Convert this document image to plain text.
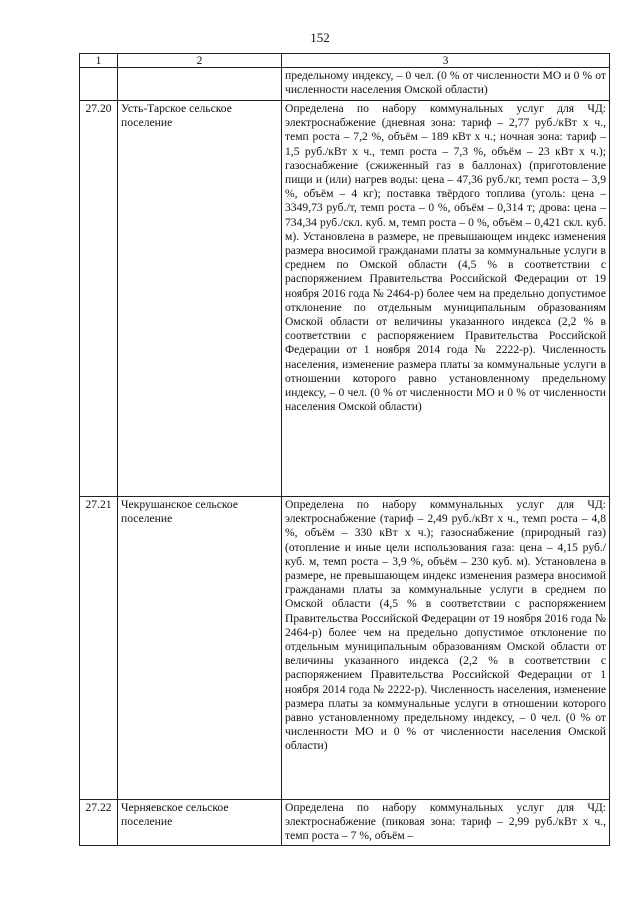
152
1	2	3
		предельному индексу, – 0 чел. (0 % от численности МО и 0 % от численности населения Омской области)
27.20	Усть-Тарское сельское поселение	Определена по набору коммунальных услуг для ЧД: электроснабжение (дневная зона: тариф – 2,77 руб./кВт х ч., темп роста – 7,2 %, объём – 189 кВт х ч.; ночная зона: тариф – 1,5 руб./кВт х ч., темп роста – 7,3 %, объём – 23 кВт х ч.); газоснабжение (сжиженный газ в баллонах) (приготовление пищи и (или) нагрев воды: цена – 47,36 руб./кг, темп роста – 3,9 %, объём – 4 кг); поставка твёрдого топлива (уголь: цена – 3349,73 руб./т, темп роста – 0 %, объём – 0,314 т; дрова: цена – 734,34 руб./скл. куб. м, темп роста – 0 %, объём – 0,421 скл. куб. м). Установлена в размере, не превышающем индекс изменения размера вносимой гражданами платы за коммунальные услуги в среднем по Омской области (4,5 % в соответствии с распоряжением Правительства Российской Федерации от 19 ноября 2016 года № 2464-р) более чем на предельно допустимое отклонение по отдельным муниципальным образованиям Омской области от величины указанного индекса (2,2 % в соответствии с распоряжением Правительства Российской Федерации от 1 ноября 2014 года № 2222-р). Численность населения, изменение размера платы за коммунальные услуги в отношении которого равно установленному предельному индексу, – 0 чел. (0 % от численности МО и 0 % от численности населения Омской области)
27.21	Чекрушанское сельское поселение	Определена по набору коммунальных услуг для ЧД: электроснабжение (тариф – 2,49 руб./кВт х ч., темп роста – 4,8 %, объём – 330 кВт х ч.); газоснабжение (природный газ) (отопление и иные цели использования газа: цена – 4,15 руб./куб. м, темп роста – 3,9 %, объём – 230 куб. м). Установлена в размере, не превышающем индекс изменения размера вносимой гражданами платы за коммунальные услуги в среднем по Омской области (4,5 % в соответствии с распоряжением Правительства Российской Федерации от 19 ноября 2016 года № 2464-р) более чем на предельно допустимое отклонение по отдельным муниципальным образованиям Омской области от величины указанного индекса (2,2 % в соответствии с распоряжением Правительства Российской Федерации от 1 ноября 2014 года № 2222-р). Численность населения, изменение размера платы за коммунальные услуги в отношении которого равно установленному предельному индексу, – 0 чел. (0 % от численности МО и 0 % от численности населения Омской области)
27.22	Черняевское сельское поселение	Определена по набору коммунальных услуг для ЧД: электроснабжение (пиковая зона: тариф – 2,99 руб./кВт х ч., темп роста – 7 %, объём –
